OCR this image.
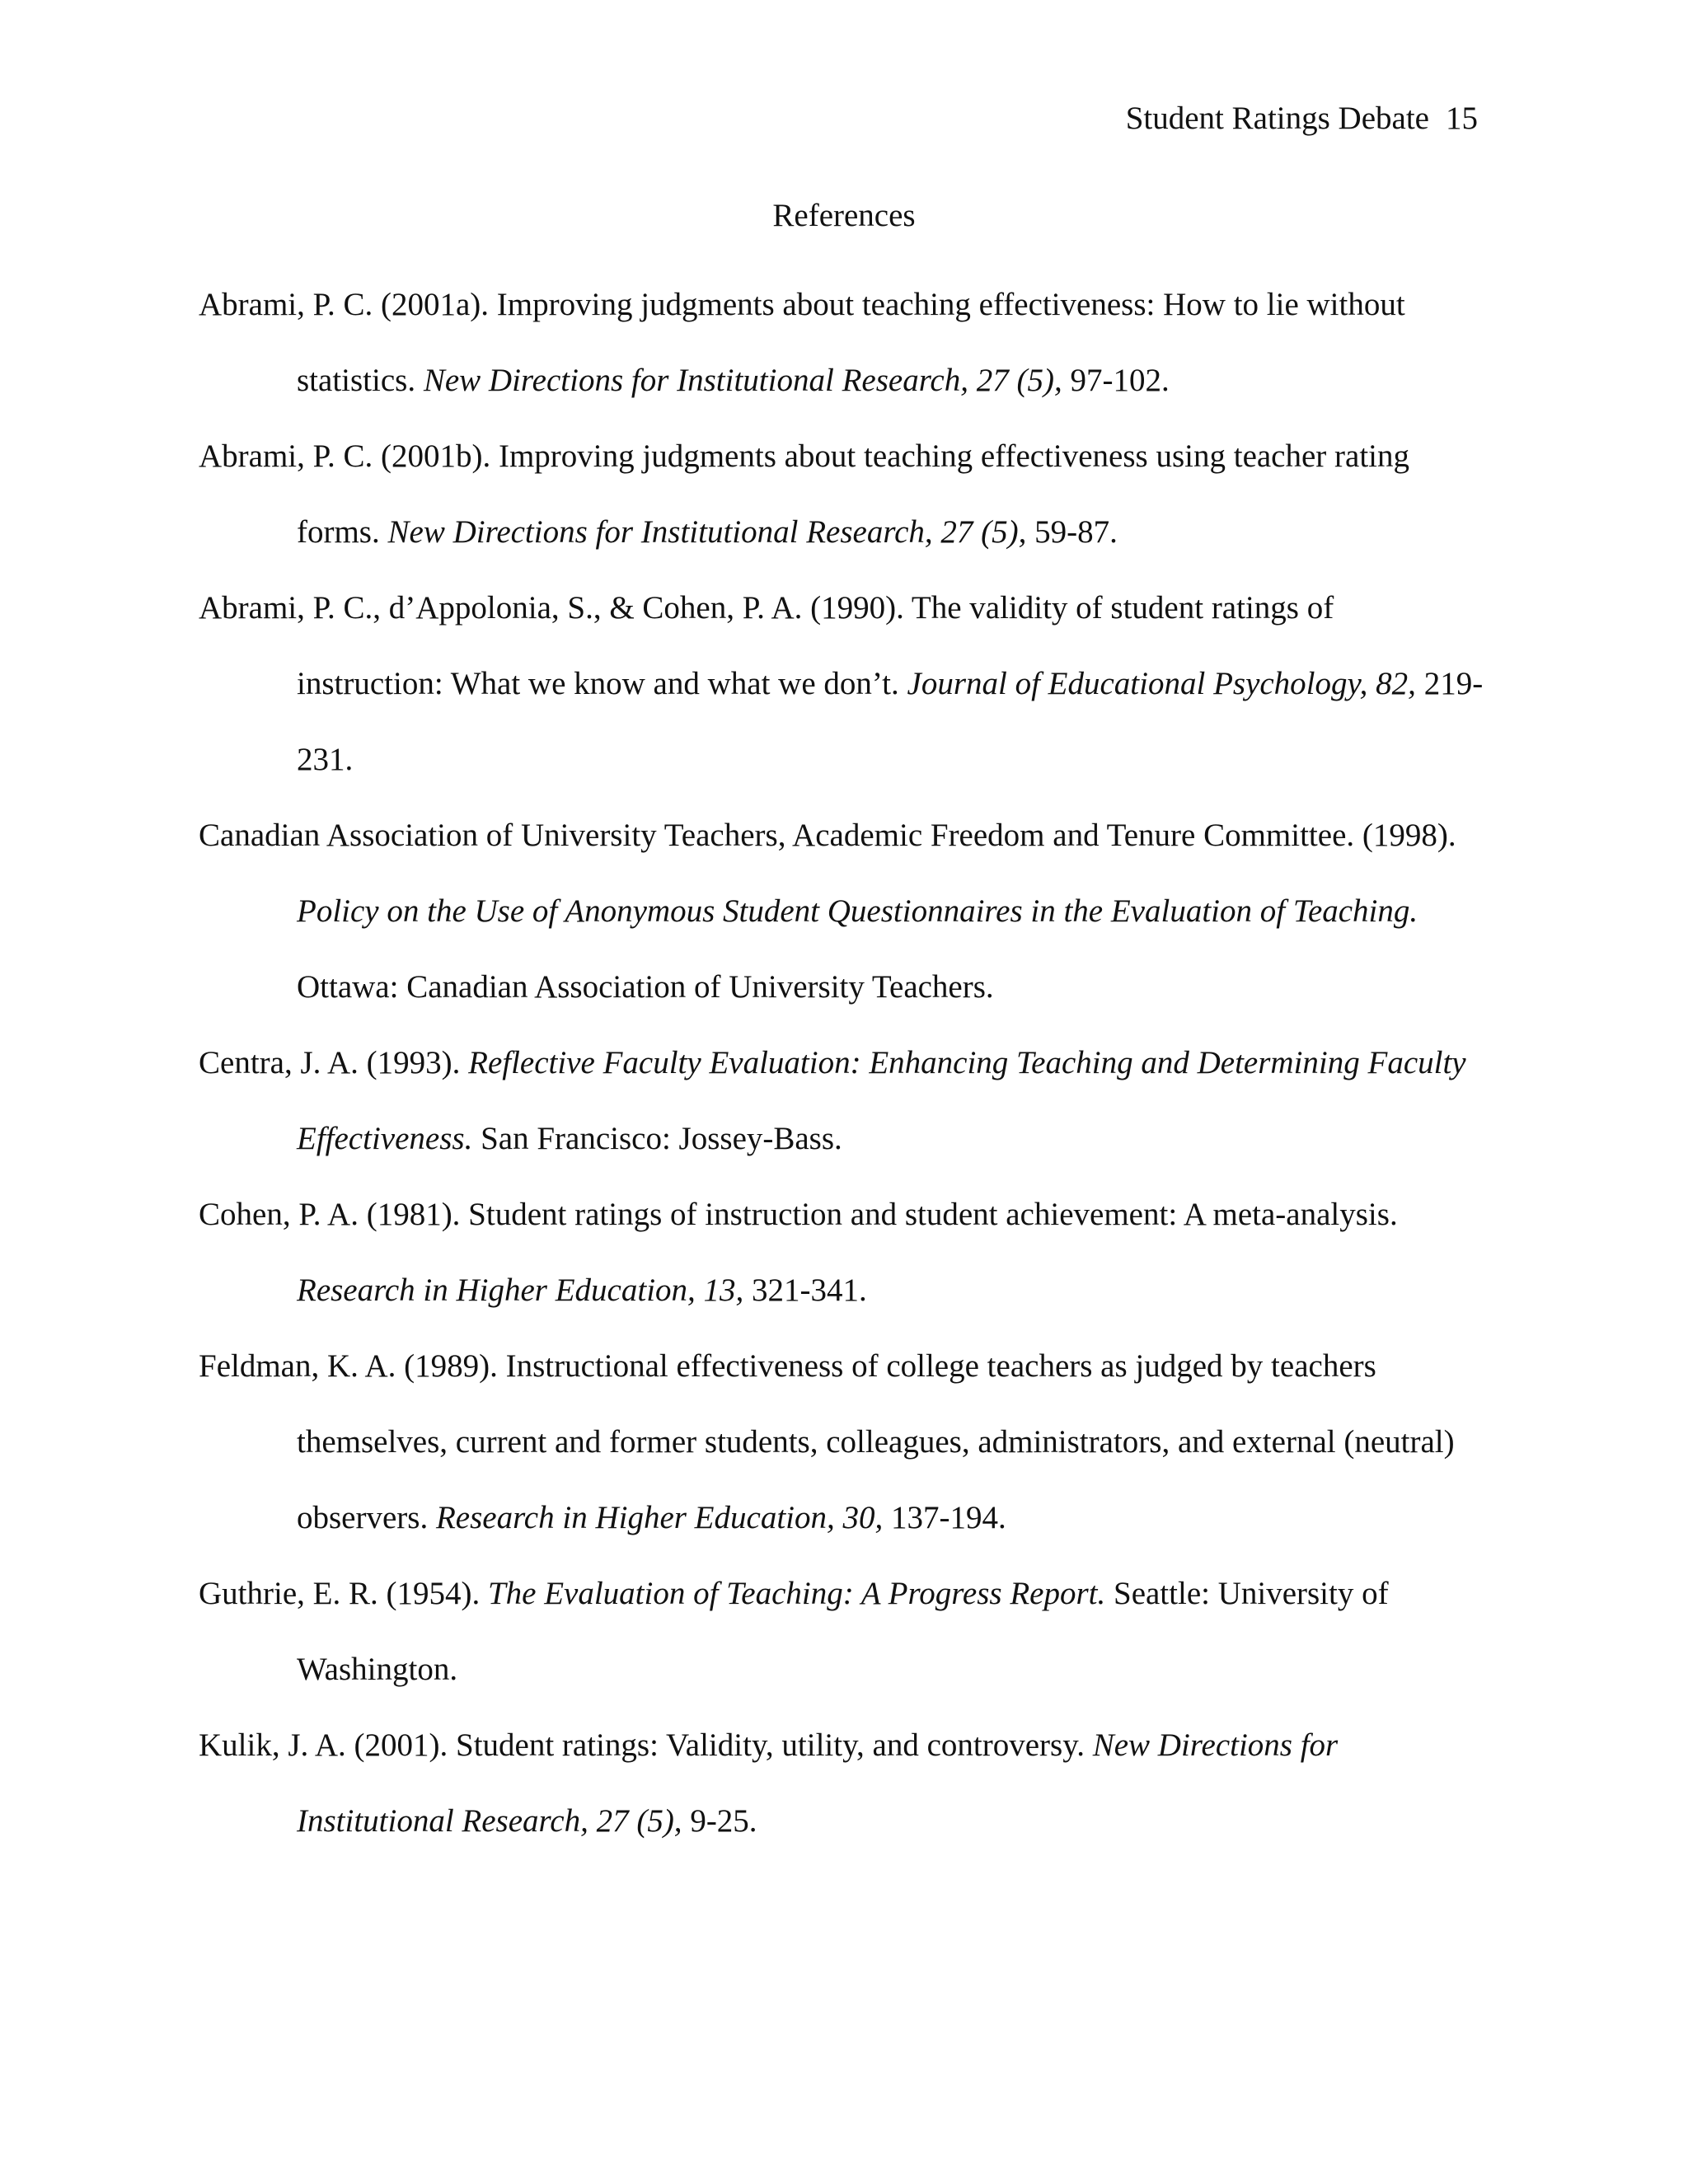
Student Ratings Debate 15
References
Abrami, P. C. (2001a). Improving judgments about teaching effectiveness: How to lie without statistics. New Directions for Institutional Research, 27 (5), 97-102.
Abrami, P. C. (2001b). Improving judgments about teaching effectiveness using teacher rating forms. New Directions for Institutional Research, 27 (5), 59-87.
Abrami, P. C., d’Appolonia, S., & Cohen, P. A. (1990). The validity of student ratings of instruction: What we know and what we don’t. Journal of Educational Psychology, 82, 219-231.
Canadian Association of University Teachers, Academic Freedom and Tenure Committee. (1998). Policy on the Use of Anonymous Student Questionnaires in the Evaluation of Teaching. Ottawa: Canadian Association of University Teachers.
Centra, J. A. (1993). Reflective Faculty Evaluation: Enhancing Teaching and Determining Faculty Effectiveness. San Francisco: Jossey-Bass.
Cohen, P. A. (1981). Student ratings of instruction and student achievement: A meta-analysis. Research in Higher Education, 13, 321-341.
Feldman, K. A. (1989). Instructional effectiveness of college teachers as judged by teachers themselves, current and former students, colleagues, administrators, and external (neutral) observers. Research in Higher Education, 30, 137-194.
Guthrie, E. R. (1954). The Evaluation of Teaching: A Progress Report. Seattle: University of Washington.
Kulik, J. A. (2001). Student ratings: Validity, utility, and controversy. New Directions for Institutional Research, 27 (5), 9-25.
